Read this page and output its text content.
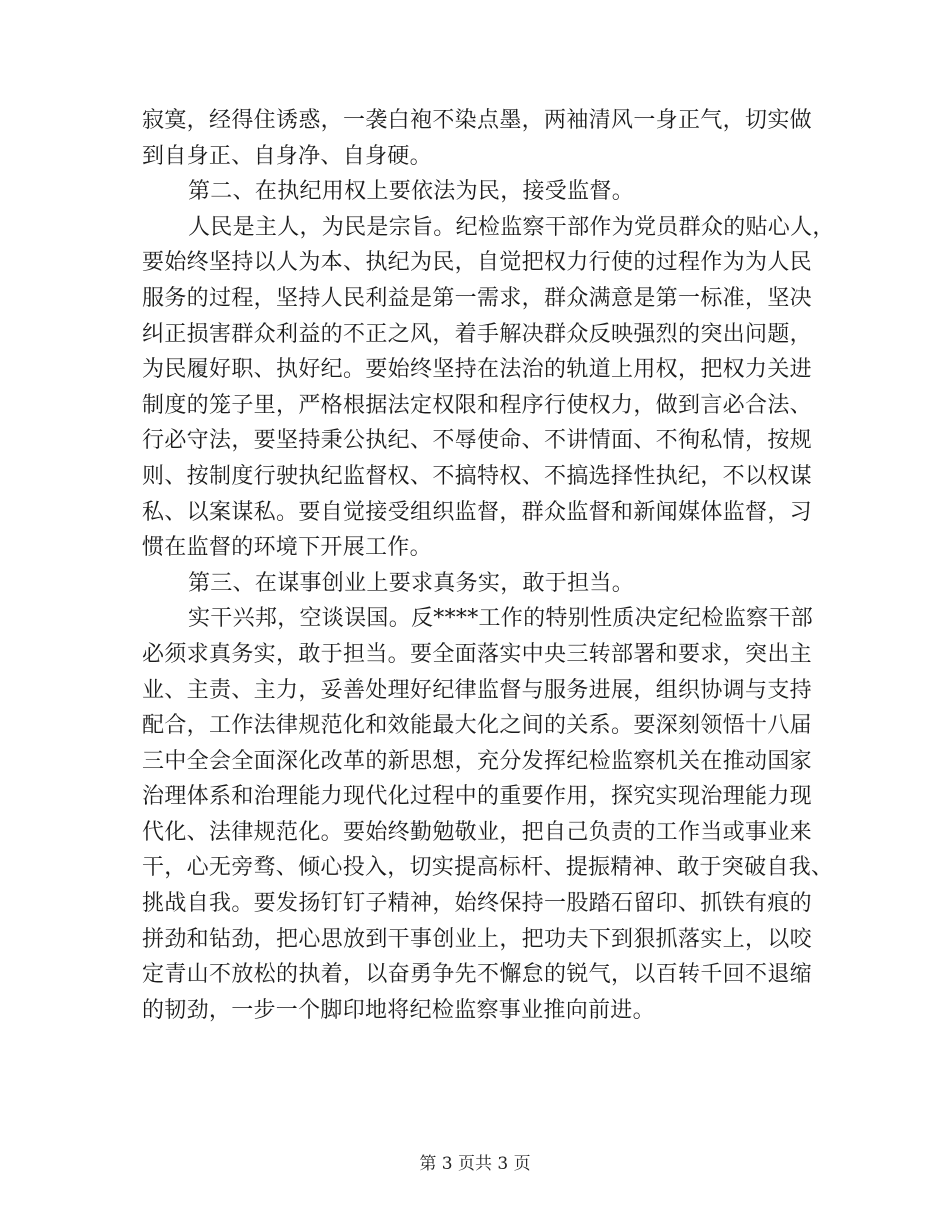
寂寞，经得住诱惑，一袭白袍不染点墨，两袖清风一身正气，切实做
到自身正、自身净、自身硬。
第二、在执纪用权上要依法为民，接受监督。
人民是主人，为民是宗旨。纪检监察干部作为党员群众的贴心人，
要始终坚持以人为本、执纪为民，自觉把权力行使的过程作为为人民
服务的过程，坚持人民利益是第一需求，群众满意是第一标准，坚决
纠正损害群众利益的不正之风，着手解决群众反映强烈的突出问题，
为民履好职、执好纪。要始终坚持在法治的轨道上用权，把权力关进
制度的笼子里，严格根据法定权限和程序行使权力，做到言必合法、
行必守法，要坚持秉公执纪、不辱使命、不讲情面、不徇私情，按规
则、按制度行驶执纪监督权、不搞特权、不搞选择性执纪，不以权谋
私、以案谋私。要自觉接受组织监督，群众监督和新闻媒体监督，习
惯在监督的环境下开展工作。
第三、在谋事创业上要求真务实，敢于担当。
实干兴邦，空谈误国。反****工作的特别性质决定纪检监察干部
必须求真务实，敢于担当。要全面落实中央三转部署和要求，突出主
业、主责、主力，妥善处理好纪律监督与服务进展，组织协调与支持
配合，工作法律规范化和效能最大化之间的关系。要深刻领悟十八届
三中全会全面深化改革的新思想，充分发挥纪检监察机关在推动国家
治理体系和治理能力现代化过程中的重要作用，探究实现治理能力现
代化、法律规范化。要始终勤勉敬业，把自己负责的工作当或事业来
干，心无旁骛、倾心投入，切实提高标杆、提振精神、敢于突破自我、
挑战自我。要发扬钉钉子精神，始终保持一股踏石留印、抓铁有痕的
拼劲和钻劲，把心思放到干事创业上，把功夫下到狠抓落实上，以咬
定青山不放松的执着，以奋勇争先不懈怠的锐气，以百转千回不退缩
的韧劲，一步一个脚印地将纪检监察事业推向前进。
第 3 页共 3 页
